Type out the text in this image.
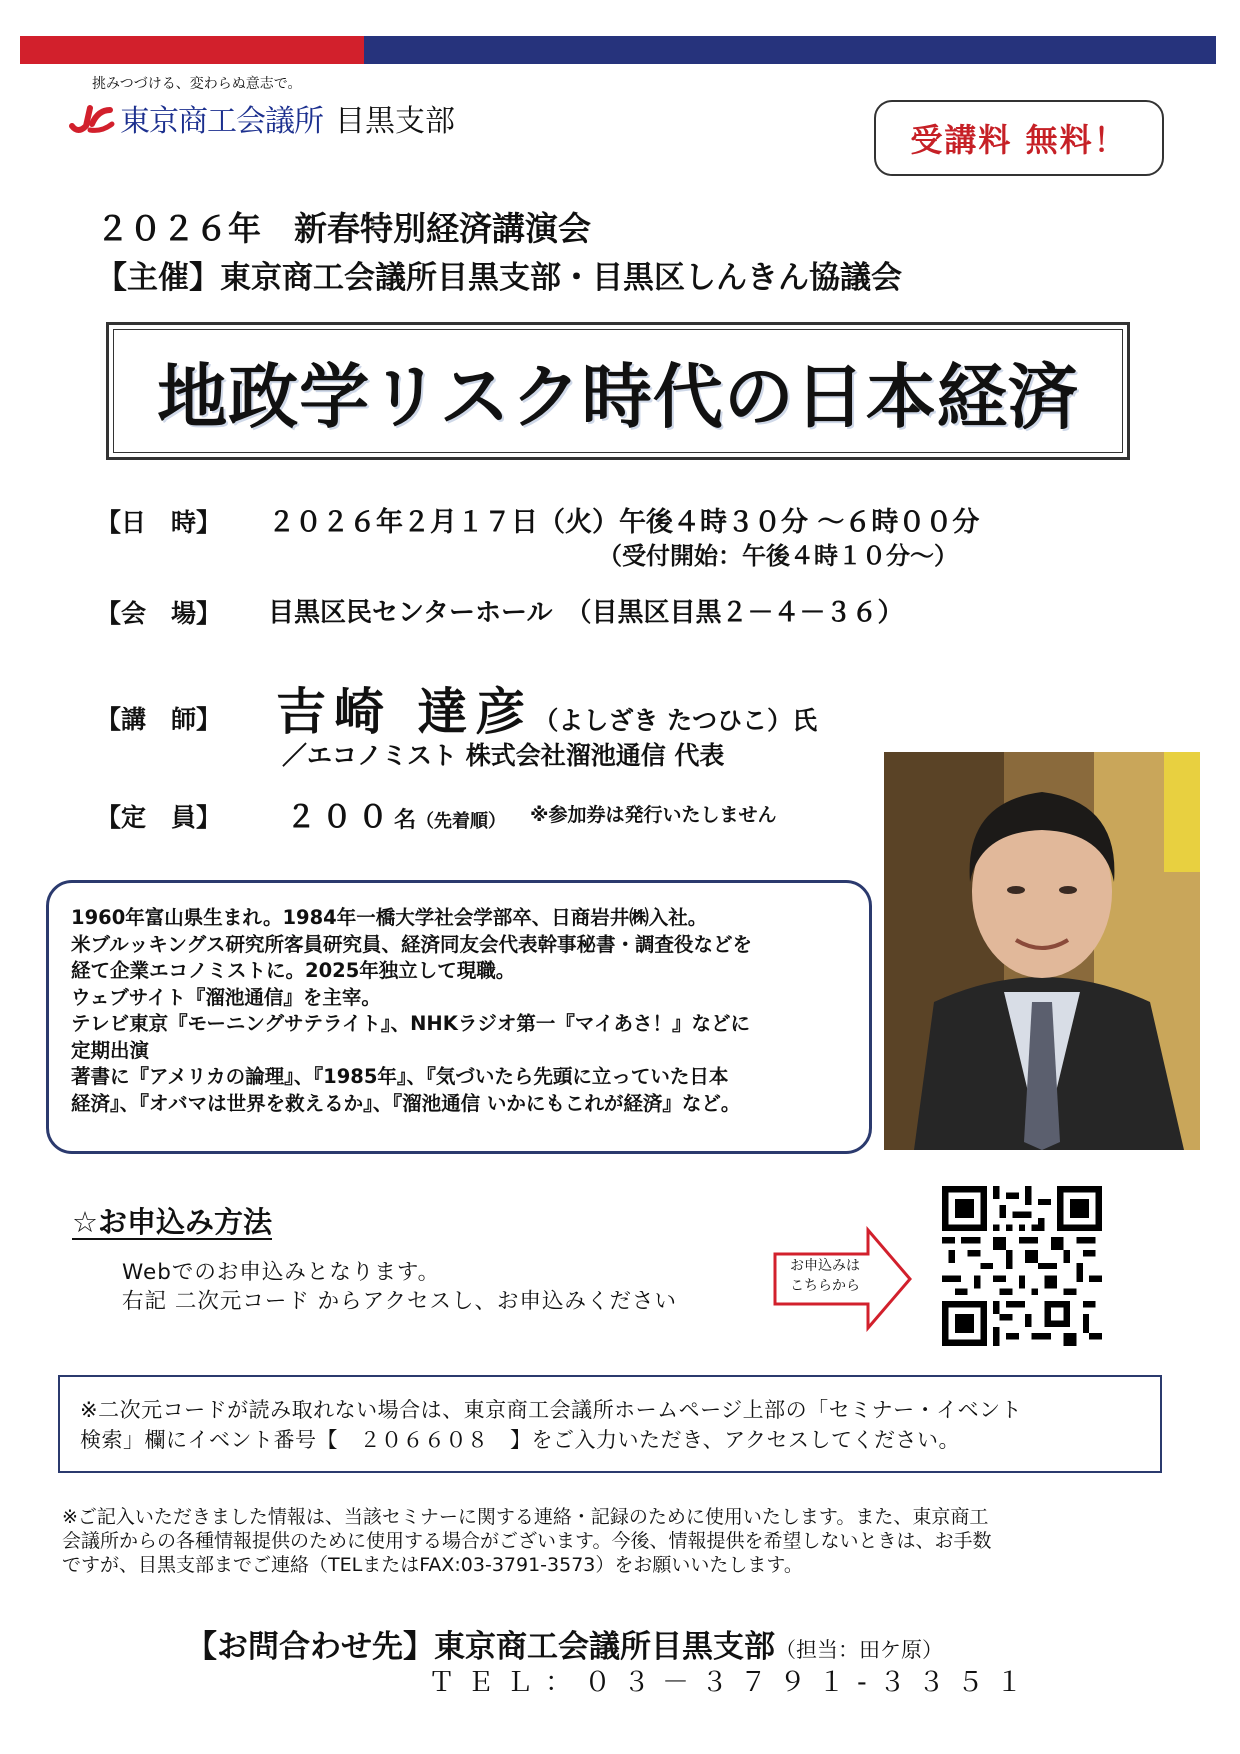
挑みつづける、変わらぬ意志で。
東京商工会議所 目黒支部	受講料 無料！
２０２６年　新春特別経済講演会
【主催】東京商工会議所目黒支部・目黒区しんきん協議会
地政学リスク時代の日本経済
【日　時】 ２０２６年２月１７日（火）午後４時３０分 ～６時００分
（受付開始：午後４時１０分～）
【会　場】 目黒区民センターホール　（目黒区目黒２－４－３６）
【講　師】 吉崎 達彦（よしざき たつひこ）氏
／エコノミスト 株式会社溜池通信 代表
【定　員】 ２００名（先着順） ※参加券は発行いたしません

1960年富山県生まれ。1984年一橋大学社会学部卒、日商岩井㈱入社。

米ブルッキングス研究所客員研究員、経済同友会代表幹事秘書・調査役などを

経て企業エコノミストに。2025年独立して現職。

ウェブサイト『溜池通信』を主宰。

テレビ東京『モーニングサテライト』、NHKラジオ第一『マイあさ！』などに

定期出演

著書に『アメリカの論理』、『1985年』、『気づいたら先頭に立っていた日本

経済』、『オバマは世界を救えるか』、『溜池通信 いかにもこれが経済』など。

☆お申込み方法
Webでのお申込みとなります。
右記 二次元コード からアクセスし、お申込みください
お申込みは
こちらから

※二次元コードが読み取れない場合は、東京商工会議所ホームページ上部の「セミナー・イベント

検索」欄にイベント番号【　２０６６０８　】をご入力いただき、アクセスしてください。

※ご記入いただきました情報は、当該セミナーに関する連絡・記録のために使用いたします。また、東京商工

会議所からの各種情報提供のために使用する場合がございます。今後、情報提供を希望しないときは、お手数

ですが、目黒支部までご連絡（TELまたはFAX:03-3791-3573）をお願いいたします。

【お問合わせ先】東京商工会議所目黒支部（担当：田ケ原）
ＴＥＬ：０３－３７９１-３３５１
